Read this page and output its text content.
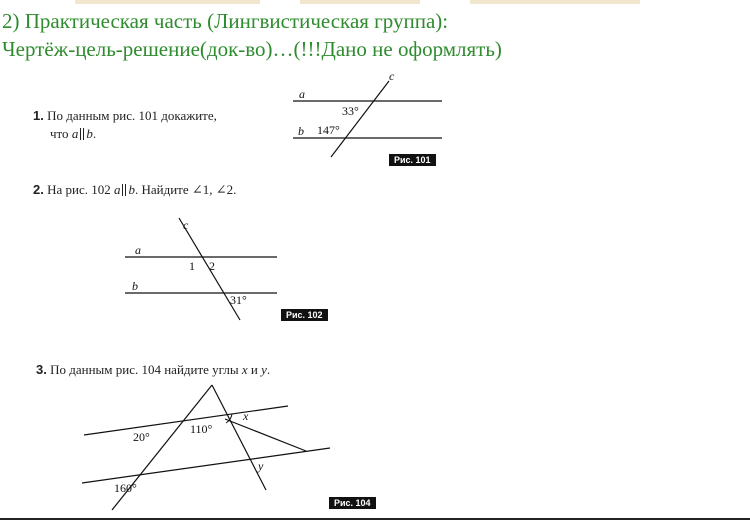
2) Практическая часть (Лингвистическая группа):
Чертёж-цель-решение(док-во)…(!!!Дано не оформлять)
1. По данным рис. 101 докажите,
что a b.
a
b
c
33°
147°
Рис. 101
2. На рис. 102 a b. Найдите ∠1, ∠2.
a
b
c
1 2
31°
Рис. 102
3. По данным рис. 104 найдите углы x и y.
20°
110°
160°
x
y
Рис. 104
